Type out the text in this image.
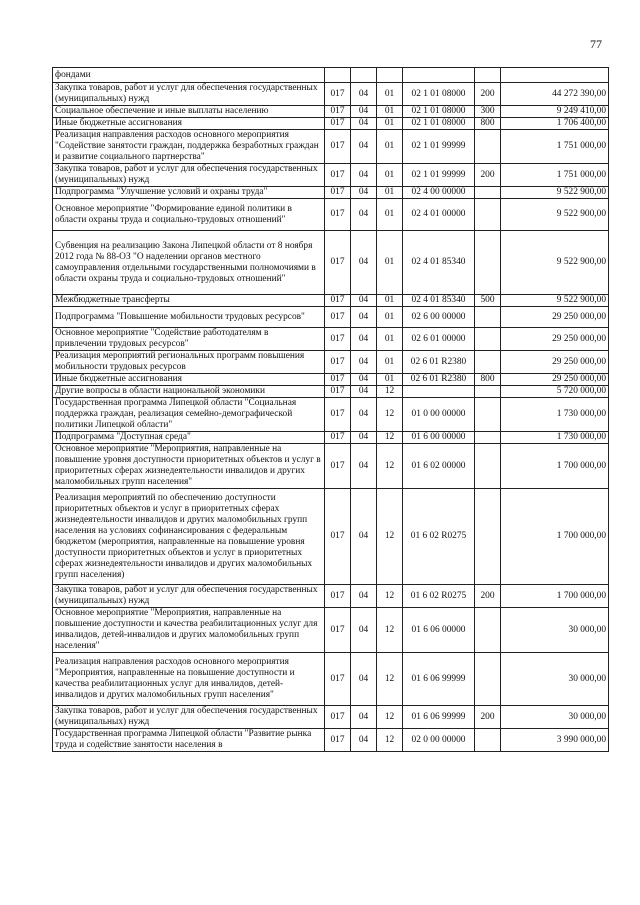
77
фондами						
Закупка товаров, работ и услуг для обеспечения государственных (муниципальных) нужд	017	04	01	02 1 01 08000	200	44 272 390,00
Социальное обеспечение и иные выплаты населению	017	04	01	02 1 01 08000	300	9 249 410,00
Иные бюджетные ассигнования	017	04	01	02 1 01 08000	800	1 706 400,00
Реализация направления расходов основного мероприятия "Содействие занятости граждан, поддержка безработных граждан и развитие социального партнерства"	017	04	01	02 1 01 99999		1 751 000,00
Закупка товаров, работ и услуг для обеспечения государственных (муниципальных) нужд	017	04	01	02 1 01 99999	200	1 751 000,00
Подпрограмма "Улучшение условий и охраны труда"	017	04	01	02 4 00 00000		9 522 900,00
Основное мероприятие "Формирование единой политики в области охраны труда и социально-трудовых отношений"	017	04	01	02 4 01 00000		9 522 900,00
Субвенция на реализацию Закона Липецкой области от 8 ноября 2012 года № 88-ОЗ "О наделении органов местного самоуправления отдельными государственными полномочиями в области охраны труда и социально-трудовых отношений"	017	04	01	02 4 01 85340		9 522 900,00
Межбюджетные трансферты	017	04	01	02 4 01 85340	500	9 522 900,00
Подпрограмма "Повышение мобильности трудовых ресурсов"	017	04	01	02 6 00 00000		29 250 000,00
Основное мероприятие "Содействие работодателям в привлечении трудовых ресурсов"	017	04	01	02 6 01 00000		29 250 000,00
Реализация мероприятий региональных программ повышения мобильности трудовых ресурсов	017	04	01	02 6 01 R2380		29 250 000,00
Иные бюджетные ассигнования	017	04	01	02 6 01 R2380	800	29 250 000,00
Другие вопросы в области национальной экономики	017	04	12			5 720 000,00
Государственная программа Липецкой области "Социальная поддержка граждан, реализация семейно-демографической политики Липецкой области"	017	04	12	01 0 00 00000		1 730 000,00
Подпрограмма "Доступная среда"	017	04	12	01 6 00 00000		1 730 000,00
Основное мероприятие "Мероприятия, направленные на повышение уровня доступности приоритетных объектов и услуг в приоритетных сферах жизнедеятельности инвалидов и других маломобильных групп населения"	017	04	12	01 6 02 00000		1 700 000,00
Реализация мероприятий по обеспечению доступности приоритетных объектов и услуг в приоритетных сферах жизнедеятельности инвалидов и других маломобильных групп населения на условиях софинансирования с федеральным бюджетом (мероприятия, направленные на повышение уровня доступности приоритетных объектов и услуг в приоритетных сферах жизнедеятельности инвалидов и других маломобильных групп населения)	017	04	12	01 6 02 R0275		1 700 000,00
Закупка товаров, работ и услуг для обеспечения государственных (муниципальных) нужд	017	04	12	01 6 02 R0275	200	1 700 000,00
Основное мероприятие "Мероприятия, направленные на повышение доступности и качества реабилитационных услуг для инвалидов, детей-инвалидов и других маломобильных групп населения"	017	04	12	01 6 06 00000		30 000,00
Реализация направления расходов основного мероприятия "Мероприятия, направленные на повышение доступности и качества реабилитационных услуг для инвалидов, детей-инвалидов и других маломобильных групп населения"	017	04	12	01 6 06 99999		30 000,00
Закупка товаров, работ и услуг для обеспечения государственных (муниципальных) нужд	017	04	12	01 6 06 99999	200	30 000,00
Государственная программа Липецкой области "Развитие рынка труда и содействие занятости населения в	017	04	12	02 0 00 00000		3 990 000,00
